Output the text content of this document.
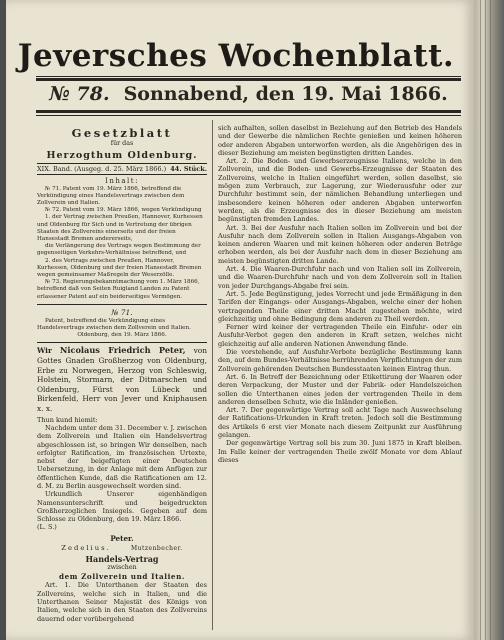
Jeversches Wochenblatt.
№ 78. Sonnabend, den 19. Mai 1866.
Gesetzblatt
für das
Herzogthum Oldenburg.
XIX. Band. (Ausgeg. d. 25. März 1866.) 44. Stück.
Inhalt:

№ 71. Patent vom 19. März 1866, betreffend die Verkündigung eines Handelsvertrags zwischen dem Zollverein und Italien.

№ 72. Patent vom 19. März 1866, wegen Verkündigung

1. der Vertrag zwischen Preußen, Hannover, Kurhessen und Oldenburg für Sich und in Vertretung der übrigen Staaten des Zollvereins einerseits und der freien Hansestadt Bremen andererseits,

die Verlängerung des Vertrags wegen Bestimmung der gegenseitigen Verkehrs-Verhältnisse betreffend, und

2. des Vertrags zwischen Preußen, Hannover, Kurhessen, Oldenburg und der freien Hansestadt Bremen wegen gemeinsamer Maßregeln der Weserzölle.

№ 73. Regierungsbekanntmachung vom 1. März 1866, betreffend daß von Seiten Ruigland Landen zu Patent erlassener Patent auf ein beiderseitiges Vermögen.

№ 71.

Patent, betreffend die Verkündigung eines Handelsvertrags zwischen dem Zollverein und Italien.

Oldenburg, den 19. März 1866.

Wir Nicolaus Friedrich Peter, von Gottes Gnaden Großherzog von Oldenburg, Erbe zu Norwegen, Herzog von Schleswig, Holstein, Stormarn, der Ditmarschen und Oldenburg, Fürst von Lübeck und Birkenfeld, Herr von Jever und Kniphausen x. x.

Thun kund hiemit:

Nachdem unter dem 31. December v. J. zwischen dem Zollverein und Italien ein Handelsvertrag abgeschlossen ist, so bringen Wir denselben, nach erfolgter Ratification, im französischen Urtexte, nebst der beigefügten einer Deutschen Uebersetzung, in der Anlage mit dem Anfügen zur öffentlichen Kunde, daß die Ratificationen am 12. d. M. zu Berlin ausgewechselt worden sind.

Urkundlich Unserer eigenhändigen Namensunterschrift und beigedruckten Großherzoglichen Insiegels. Gegeben auf dem Schlosse zu Oldenburg, den 19. März 1866.

(L. S.)

Peter.
Zedelius.	Mutzenbecher.
Handels-Vertrag
zwischen
dem Zollverein und Italien.

Art. 1. Die Unterthanen der Staaten des Zollvereins, welche sich in Italien, und die Unterthanen Seiner Majestät des Königs von Italien, welche sich in den Staaten des Zollvereins dauernd oder vorübergehend

sich aufhalten, sollen daselbst in Beziehung auf den Betrieb des Handels und der Gewerbe die nämlichen Rechte genießen und keinen höheren oder anderen Abgaben unterworfen werden, als die Angehörigen des in dieser Beziehung am meisten begünstigten dritten Landes.

Art. 2. Die Boden- und Gewerbserzeugnisse Italiens, welche in den Zollverein, und die Boden- und Gewerbs-Erzeugnisse der Staaten des Zollvereins, welche in Italien eingeführt werden, sollen daselbst, sie mögen zum Verbrauch, zur Lagerung, zur Wiederausfuhr oder zur Durchfuhr bestimmt sein, der nämlichen Behandlung unterliegen und insbesondere keinen höheren oder anderen Abgaben unterworfen werden, als die Erzeugnisse des in dieser Beziehung am meisten begünstigten fremden Landes.

Art. 3. Bei der Ausfuhr nach Italien sollen im Zollverein und bei der Ausfuhr nach dem Zollverein sollen in Italien Ausgangs-Abgaben von keinen anderen Waaren und mit keinen höheren oder anderen Beträge erhoben werden, als bei der Ausfuhr nach dem in dieser Beziehung am meisten begünstigten dritten Lande.

Art. 4. Die Waaren-Durchfuhr nach und von Italien soll im Zollverein, und die Waaren-Durchfuhr nach und von dem Zollverein soll in Italien von jeder Durchgangs-Abgabe frei sein.

Art. 5. Jede Begünstigung, jedes Vorrecht und jede Ermäßigung in den Tarifen der Eingangs- oder Ausgangs-Abgaben, welche einer der hohen vertragenden Theile einer dritten Macht zugestehen möchte, wird gleichzeitig und ohne Bedingung dem anderen zu Theil werden.

Ferner wird keiner der vertragenden Theile ein Einfuhr- oder ein Ausfuhr-Verbot gegen den anderen in Kraft setzen, welches nicht gleichzeitig auf alle anderen Nationen Anwendung fände.

Die vorstehende, auf Ausfuhr-Verbote bezügliche Bestimmung kann den, auf dem Bundes-Verhältnisse herrührenden Verpflichtungen der zum Zollverein gehörenden Deutschen Bundesstaaten keinen Eintrag thun.

Art. 6. In Betreff der Bezeichnung oder Etikettirung der Waaren oder deren Verpackung, der Muster und der Fabrik- oder Handelszeichen sollen die Unterthanen eines jeden der vertragenden Theile in dem anderen denselben Schutz, wie die Inländer genießen.

Art. 7. Der gegenwärtige Vertrag soll acht Tage nach Auswechselung der Ratifications-Urkunden in Kraft treten. Jedoch soll die Bestimmung des Artikels 6 erst vier Monate nach diesem Zeitpunkt zur Ausführung gelangen.

Der gegenwärtige Vertrag soll bis zum 30. Juni 1875 in Kraft bleiben. Im Falle keiner der vertragenden Theile zwölf Monate vor dem Ablauf dieses
